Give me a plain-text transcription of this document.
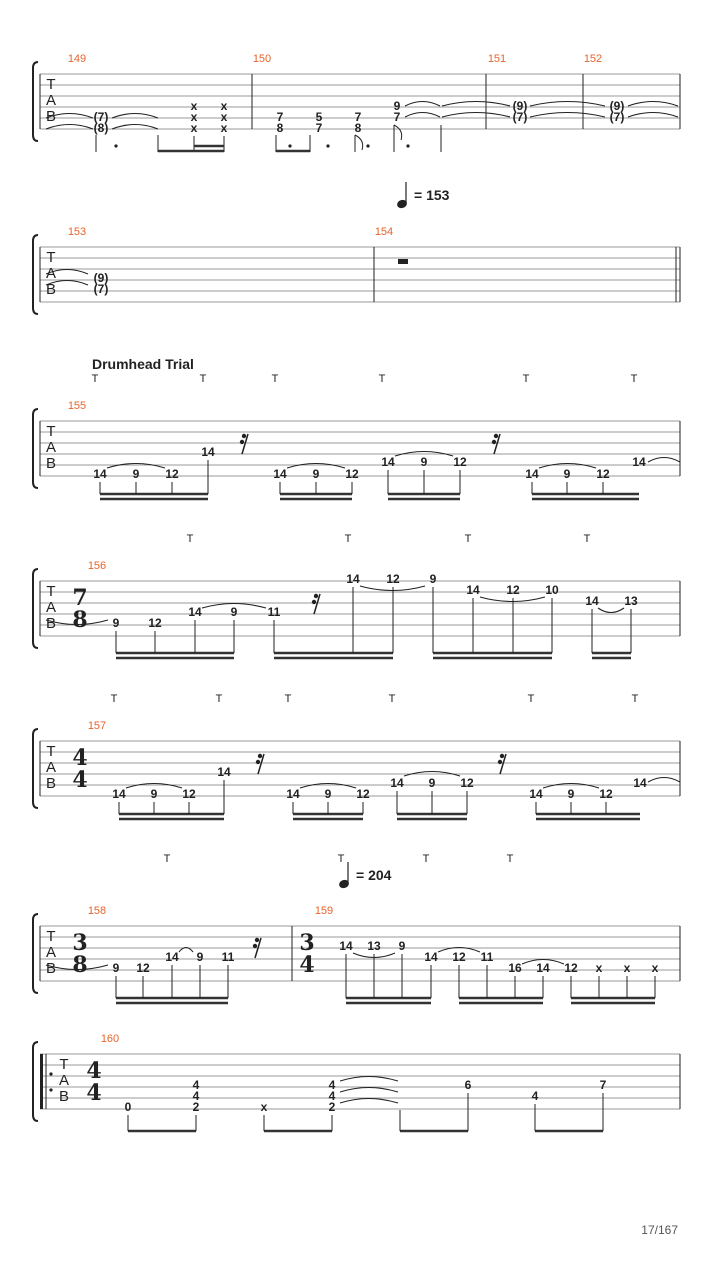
T
A
B
149	150	151	152
(7)
(8)
x
x
x
x
x
x
7
8
5
7
7
8
9
7
(9)
(7)
(9)
(7)
T
A
B
153	154
= 153
(9)
(7)
Drumhead Trial
T	T	T	T	T	T
T
A
B
155
14 9 12
14
14 9 12
14 9 12
14 9 12
14
T	T	T	T
T
A
B
156
7
8 9 12
14 9	11
14 12 9
14 12 10
14 13
T	T	T	T	T	T
T
A
B
157
4
4
14 9 12
14
14 9 12
14 9 12
14 9 12
14
T	T	T	T
= 204
T
A
B
158	159
3
8
3
4
9 12
14 9 11
14 13 9
14 12 11
16 14 12 x x x
T
A
B
160
4
4
0
4
4
2	x
4
4
2
6
4
7
17/167
